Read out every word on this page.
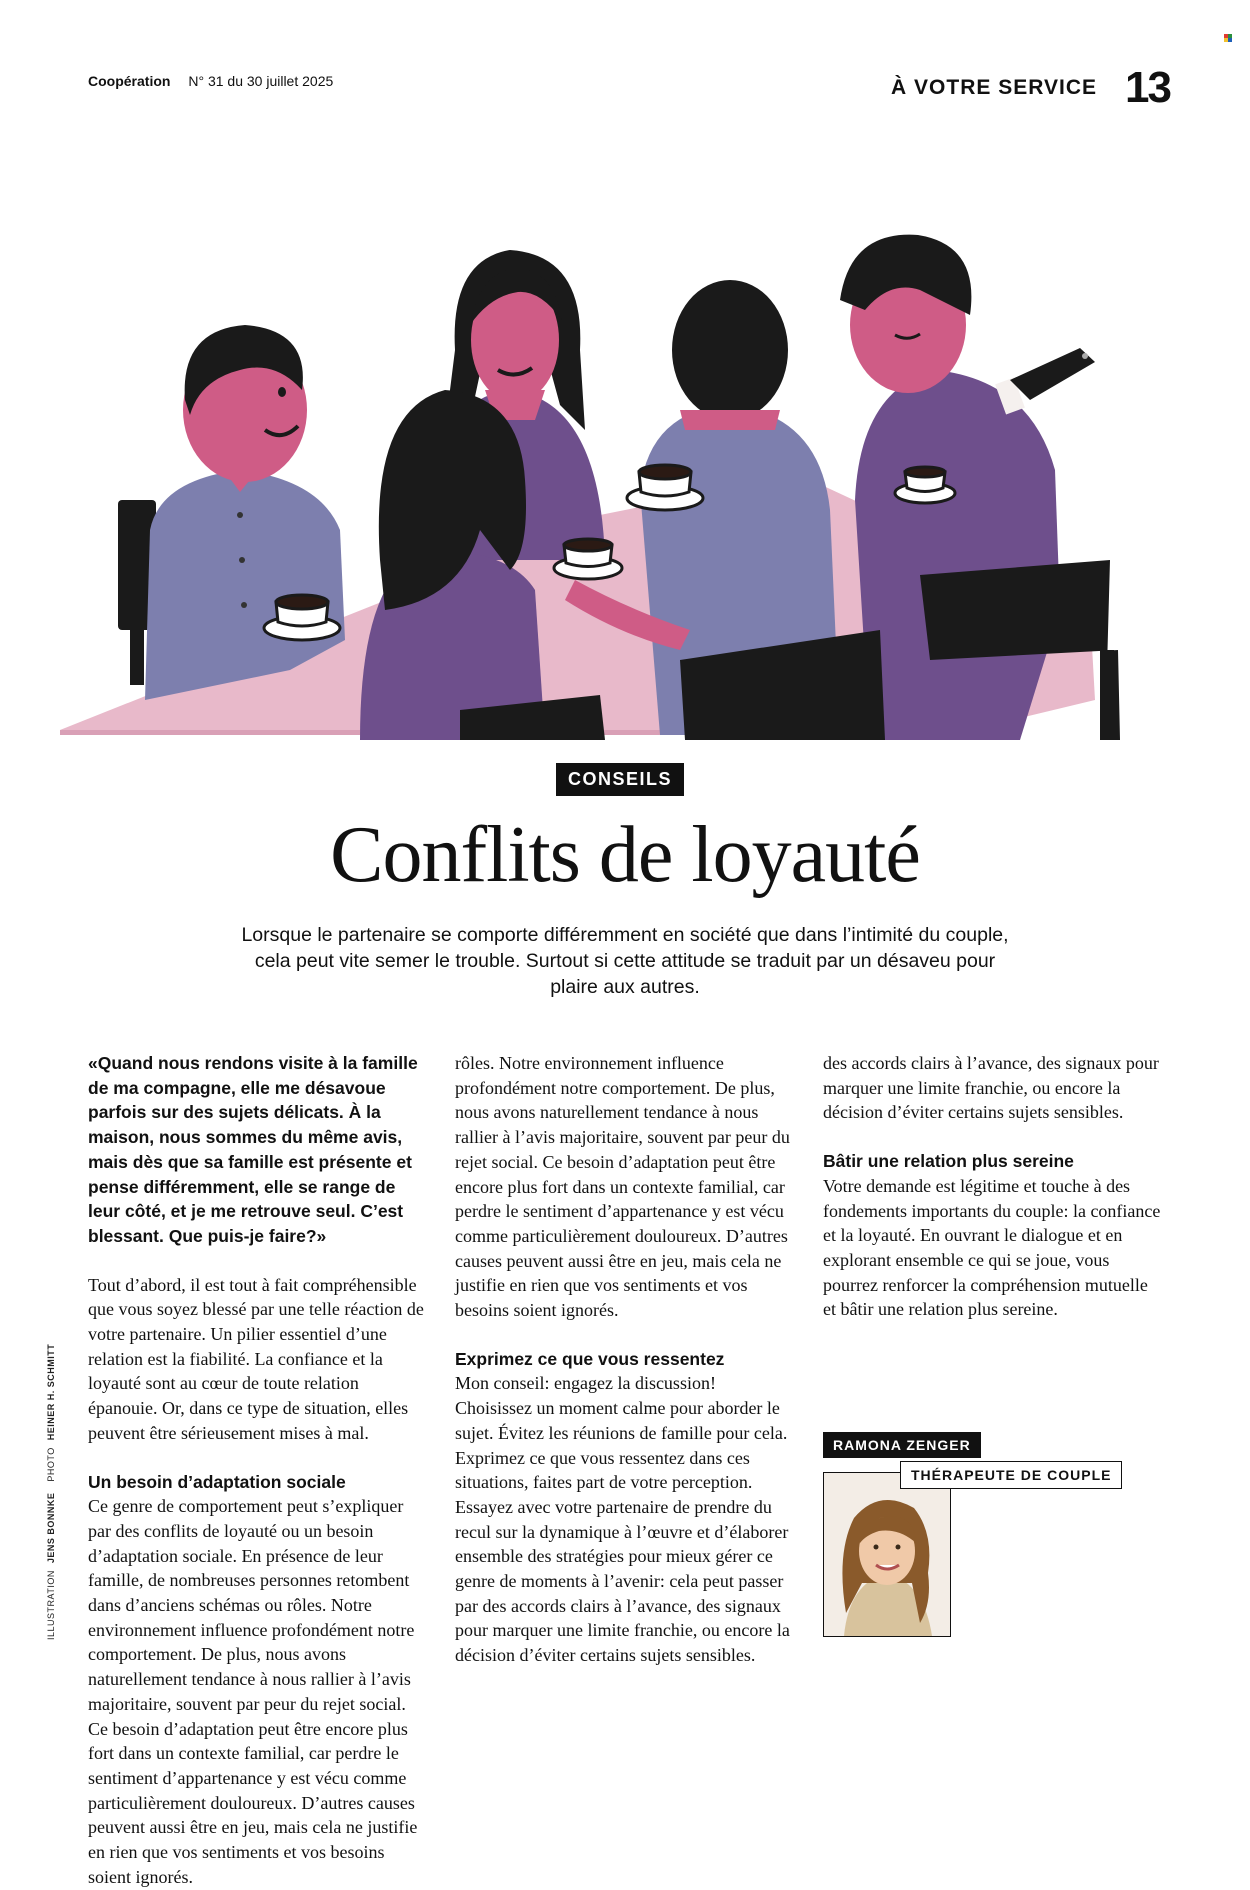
Coopération N° 31 du 30 juillet 2025	À VOTRE SERVICE 13
CONSEILS
Conflits de loyauté

Lorsque le partenaire se comporte différemment en société que dans l’intimité du couple, cela peut vite semer le trouble. Surtout si cette attitude se traduit par un désaveu pour plaire aux autres.

«Quand nous rendons visite à la famille de ma compagne, elle me désavoue parfois sur des sujets délicats. À la maison, nous sommes du même avis, mais dès que sa famille est présente et pense différemment, elle se range de leur côté, et je me retrouve seul. C’est blessant. Que puis-je faire?»

Tout d’abord, il est tout à fait compréhensible que vous soyez blessé par une telle réaction de votre partenaire. Un pilier essentiel d’une relation est la fiabilité. La confiance et la loyauté sont au cœur de toute relation épanouie. Or, dans ce type de situation, elles peuvent être sérieusement mises à mal.

Un besoin d’adaptation sociale

Ce genre de comportement peut s’expliquer par des conflits de loyauté ou un besoin d’adaptation sociale. En présence de leur famille, de nombreuses personnes retombent dans d’anciens schémas ou rôles. Notre environnement influence profondément notre comportement. De plus, nous avons naturellement tendance à nous rallier à l’avis majoritaire, souvent par peur du rejet social. Ce besoin d’adaptation peut être encore plus fort dans un contexte familial, car perdre le sentiment d’appartenance y est vécu comme particulièrement douloureux. D’autres causes peuvent aussi être en jeu, mais cela ne justifie en rien que vos sentiments et vos besoins soient ignorés.

rôles. Notre environnement influence profondément notre comportement. De plus, nous avons naturellement tendance à nous rallier à l’avis majoritaire, souvent par peur du rejet social. Ce besoin d’adaptation peut être encore plus fort dans un contexte familial, car perdre le sentiment d’appartenance y est vécu comme particulièrement douloureux. D’autres causes peuvent aussi être en jeu, mais cela ne justifie en rien que vos sentiments et vos besoins soient ignorés.

Exprimez ce que vous ressentez

Mon conseil: engagez la discussion! Choisissez un moment calme pour aborder le sujet. Évitez les réunions de famille pour cela. Exprimez ce que vous ressentez dans ces situations, faites part de votre perception. Essayez avec votre partenaire de prendre du recul sur la dynamique à l’œuvre et d’élaborer ensemble des stratégies pour mieux gérer ce genre de moments à l’avenir: cela peut passer par des accords clairs à l’avance, des signaux pour marquer une limite franchie, ou encore la décision d’éviter certains sujets sensibles.

des accords clairs à l’avance, des signaux pour marquer une limite franchie, ou encore la décision d’éviter certains sujets sensibles.

Bâtir une relation plus sereine

Votre demande est légitime et touche à des fondements importants du couple: la confiance et la loyauté. En ouvrant le dialogue et en explorant ensemble ce qui se joue, vous pourrez renforcer la compréhension mutuelle et bâtir une relation plus sereine.

ILLUSTRATION JENS BONNKE PHOTO HEINER H. SCHMITT
RAMONA ZENGER
THÉRAPEUTE DE COUPLE
